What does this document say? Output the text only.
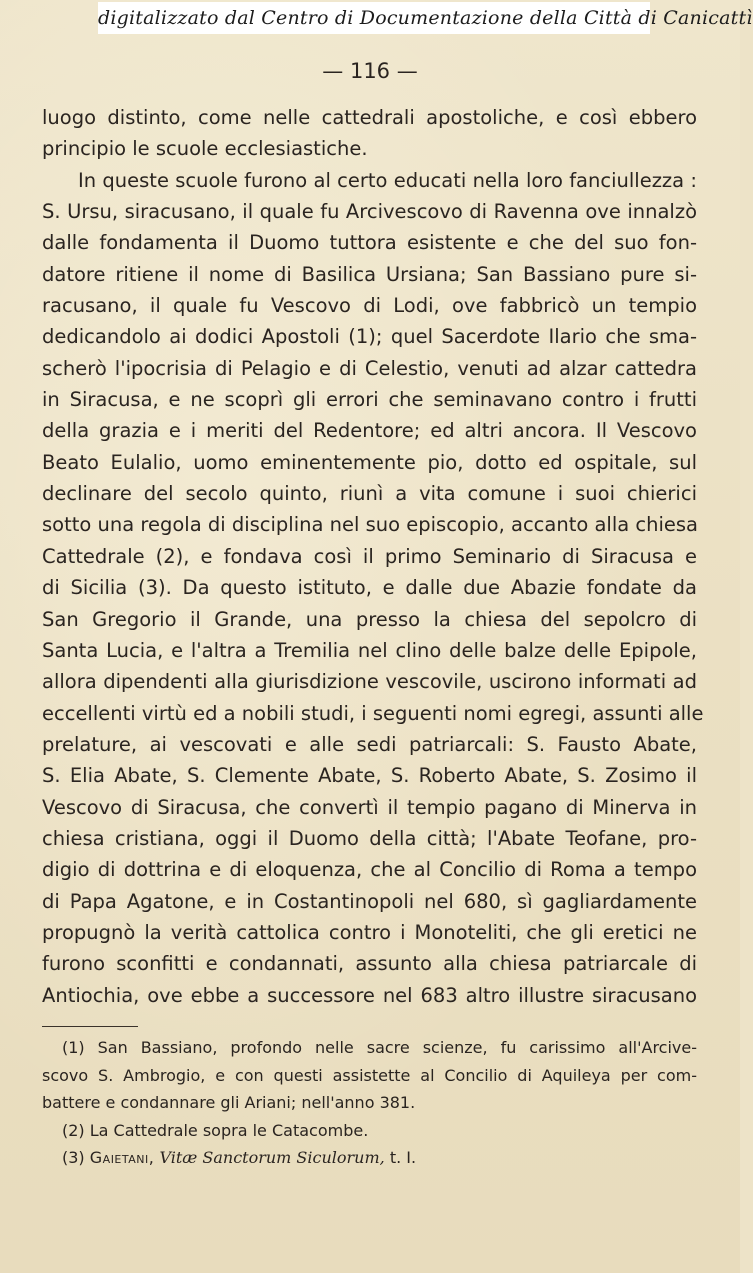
digitalizzato dal Centro di Documentazione della Città di Canicattì
— 116 —
luogo distinto, come nelle cattedrali apostoliche, e così ebbero
principio le scuole ecclesiastiche.
In queste scuole furono al certo educati nella loro fanciullezza :
S. Ursu, siracusano, il quale fu Arcivescovo di Ravenna ove innalzò
dalle fondamenta il Duomo tuttora esistente e che del suo fon-
datore ritiene il nome di Basilica Ursiana; San Bassiano pure si-
racusano, il quale fu Vescovo di Lodi, ove fabbricò un tempio
dedicandolo ai dodici Apostoli (1); quel Sacerdote Ilario che sma-
scherò l'ipocrisia di Pelagio e di Celestio, venuti ad alzar cattedra
in Siracusa, e ne scoprì gli errori che seminavano contro i frutti
della grazia e i meriti del Redentore; ed altri ancora. Il Vescovo
Beato Eulalio, uomo eminentemente pio, dotto ed ospitale, sul
declinare del secolo quinto, riunì a vita comune i suoi chierici
sotto una regola di disciplina nel suo episcopio, accanto alla chiesa
Cattedrale (2), e fondava così il primo Seminario di Siracusa e
di Sicilia (3). Da questo istituto, e dalle due Abazie fondate da
San Gregorio il Grande, una presso la chiesa del sepolcro di
Santa Lucia, e l'altra a Tremilia nel clino delle balze delle Epipole,
allora dipendenti alla giurisdizione vescovile, uscirono informati ad
eccellenti virtù ed a nobili studi, i seguenti nomi egregi, assunti alle
prelature, ai vescovati e alle sedi patriarcali: S. Fausto Abate,
S. Elia Abate, S. Clemente Abate, S. Roberto Abate, S. Zosimo il
Vescovo di Siracusa, che convertì il tempio pagano di Minerva in
chiesa cristiana, oggi il Duomo della città; l'Abate Teofane, pro-
digio di dottrina e di eloquenza, che al Concilio di Roma a tempo
di Papa Agatone, e in Costantinopoli nel 680, sì gagliardamente
propugnò la verità cattolica contro i Monoteliti, che gli eretici ne
furono sconfitti e condannati, assunto alla chiesa patriarcale di
Antiochia, ove ebbe a successore nel 683 altro illustre siracusano
(1) San Bassiano, profondo nelle sacre scienze, fu carissimo all'Arcive-
scovo S. Ambrogio, e con questi assistette al Concilio di Aquileya per com-
battere e condannare gli Ariani; nell'anno 381.
(2) La Cattedrale sopra le Catacombe.
(3) Gaietani, Vitæ Sanctorum Siculorum, t. I.
